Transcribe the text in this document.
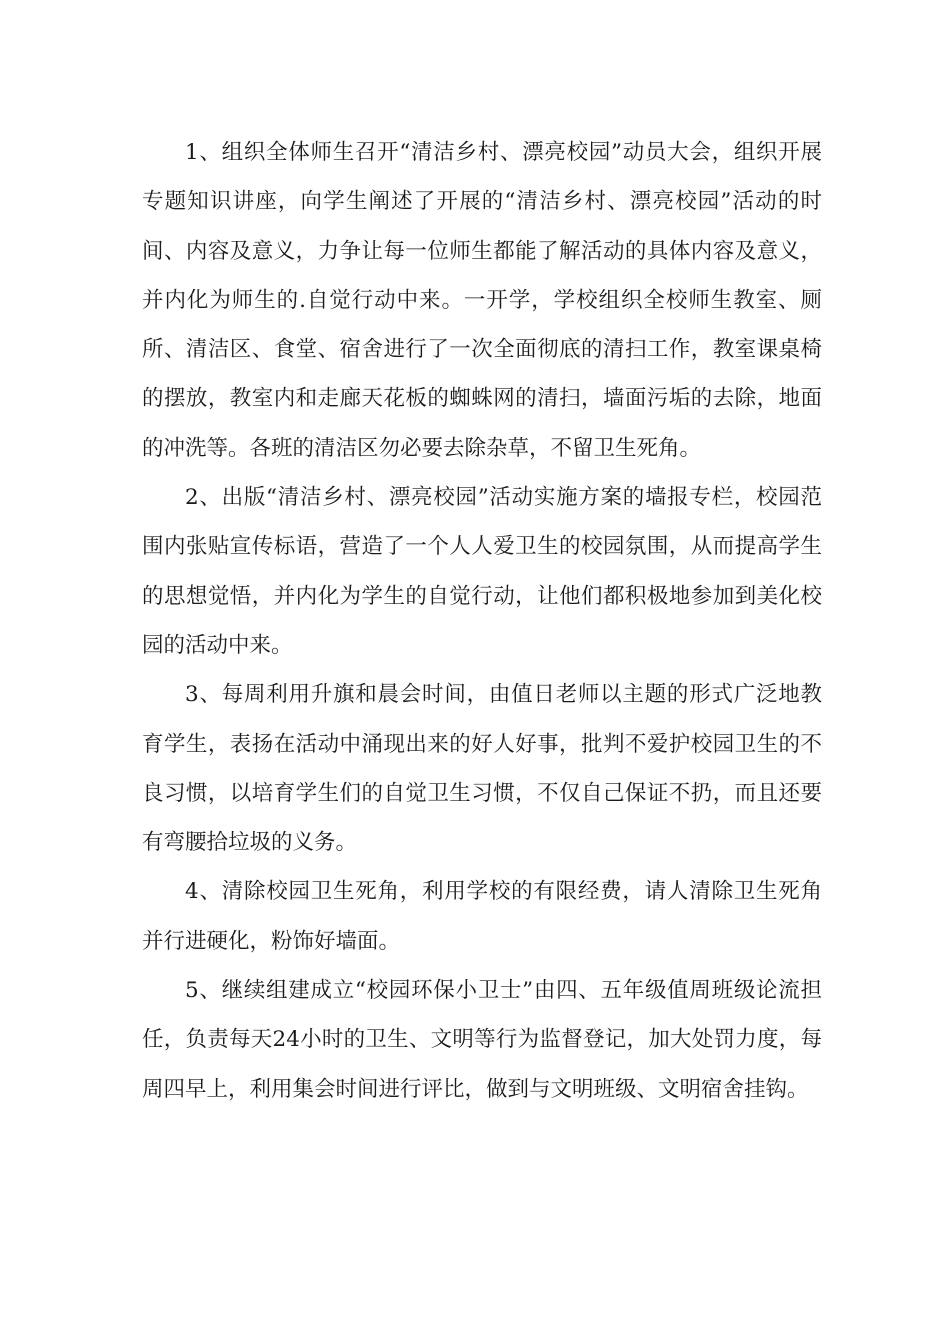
1、组织全体师生召开“清洁乡村、漂亮校园”动员大会，组织开展专题知识讲座，向学生阐述了开展的“清洁乡村、漂亮校园”活动的时间、内容及意义，力争让每一位师生都能了解活动的具体内容及意义，并内化为师生的.自觉行动中来。一开学，学校组织全校师生教室、厕所、清洁区、食堂、宿舍进行了一次全面彻底的清扫工作，教室课桌椅的摆放，教室内和走廊天花板的蜘蛛网的清扫，墙面污垢的去除，地面的冲洗等。各班的清洁区勿必要去除杂草，不留卫生死角。

2、出版“清洁乡村、漂亮校园”活动实施方案的墙报专栏，校园范围内张贴宣传标语，营造了一个人人爱卫生的校园氛围，从而提高学生的思想觉悟，并内化为学生的自觉行动，让他们都积极地参加到美化校园的活动中来。

3、每周利用升旗和晨会时间，由值日老师以主题的形式广泛地教育学生，表扬在活动中涌现出来的好人好事，批判不爱护校园卫生的不良习惯，以培育学生们的自觉卫生习惯，不仅自己保证不扔，而且还要有弯腰拾垃圾的义务。

4、清除校园卫生死角，利用学校的有限经费，请人清除卫生死角并行进硬化，粉饰好墙面。

5、继续组建成立“校园环保小卫士”由四、五年级值周班级论流担任，负责每天24小时的卫生、文明等行为监督登记，加大处罚力度，每周四早上，利用集会时间进行评比，做到与文明班级、文明宿舍挂钩。
